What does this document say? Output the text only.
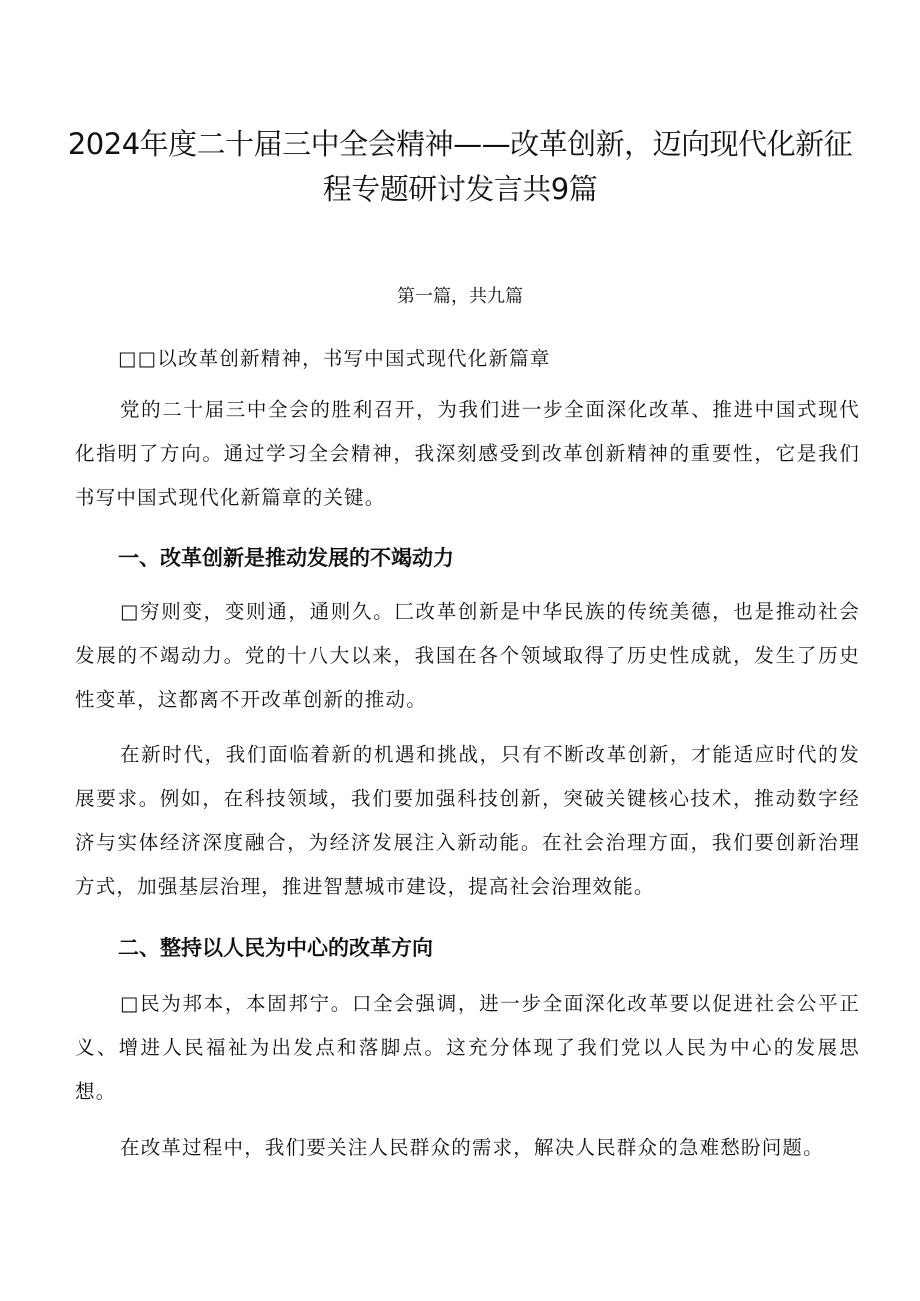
2024年度二十届三中全会精神——改革创新，迈向现代化新征程专题研讨发言共9篇

第一篇，共九篇

□□以改革创新精神，书写中国式现代化新篇章

党的二十届三中全会的胜利召开，为我们进一步全面深化改革、推进中国式现代化指明了方向。通过学习全会精神，我深刻感受到改革创新精神的重要性，它是我们书写中国式现代化新篇章的关键。

一、改革创新是推动发展的不竭动力

□穷则变，变则通，通则久。匚改革创新是中华民族的传统美德，也是推动社会发展的不竭动力。党的十八大以来，我国在各个领域取得了历史性成就，发生了历史性变革，这都离不开改革创新的推动。

在新时代，我们面临着新的机遇和挑战，只有不断改革创新，才能适应时代的发展要求。例如，在科技领域，我们要加强科技创新，突破关键核心技术，推动数字经济与实体经济深度融合，为经济发展注入新动能。在社会治理方面，我们要创新治理方式，加强基层治理，推进智慧城市建设，提高社会治理效能。

二、整持以人民为中心的改革方向

□民为邦本，本固邦宁。口全会强调，进一步全面深化改革要以促进社会公平正义、增进人民福祉为出发点和落脚点。这充分体现了我们党以人民为中心的发展思想。

在改革过程中，我们要关注人民群众的需求，解决人民群众的急难愁盼问题。
